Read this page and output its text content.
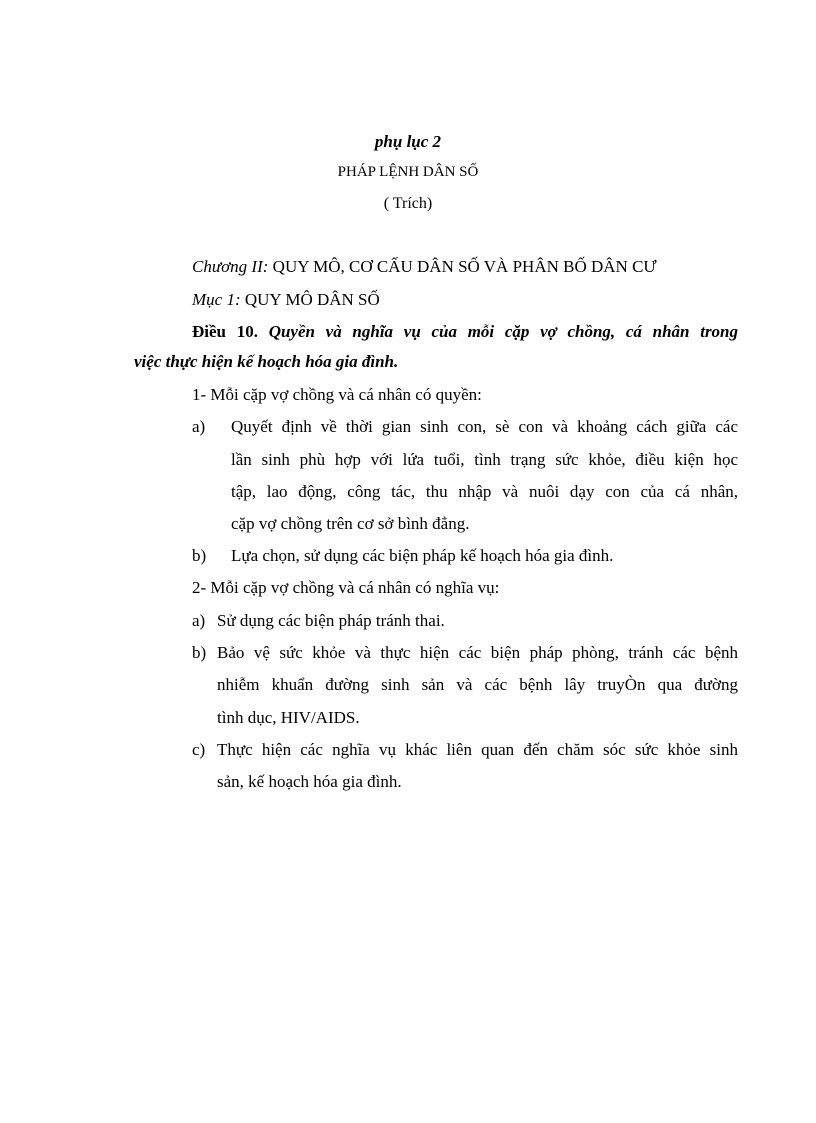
phụ lục 2
PHÁP LỆNH DÂN SỐ
( Trích)
Chương II: QUY MÔ, CƠ CẤU DÂN SỐ VÀ PHÂN BỐ DÂN CƯ
Mục 1: QUY MÔ DÂN SỐ
Điều 10. Quyền và nghĩa vụ của mỗi cặp vợ chồng, cá nhân trong
việc thực hiện kế hoạch hóa gia đình.
1- Mỗi cặp vợ chồng và cá nhân có quyền:
a) Quyết định về thời gian sinh con, sè con và khoảng cách giữa các
lần sinh phù hợp với lứa tuổi, tình trạng sức khỏe, điều kiện học
tập, lao động, công tác, thu nhập và nuôi dạy con của cá nhân,
cặp vợ chồng trên cơ sở bình đẳng.
b) Lựa chọn, sử dụng các biện pháp kế hoạch hóa gia đình.
2- Mỗi cặp vợ chồng và cá nhân có nghĩa vụ:
a) Sử dụng các biện pháp tránh thai.
b) Bảo vệ sức khỏe và thực hiện các biện pháp phòng, tránh các bệnh
nhiễm khuẩn đường sinh sản và các bệnh lây truyÒn qua đường
tình dục, HIV/AIDS.
c) Thực hiện các nghĩa vụ khác liên quan đến chăm sóc sức khỏe sinh
sản, kế hoạch hóa gia đình.
